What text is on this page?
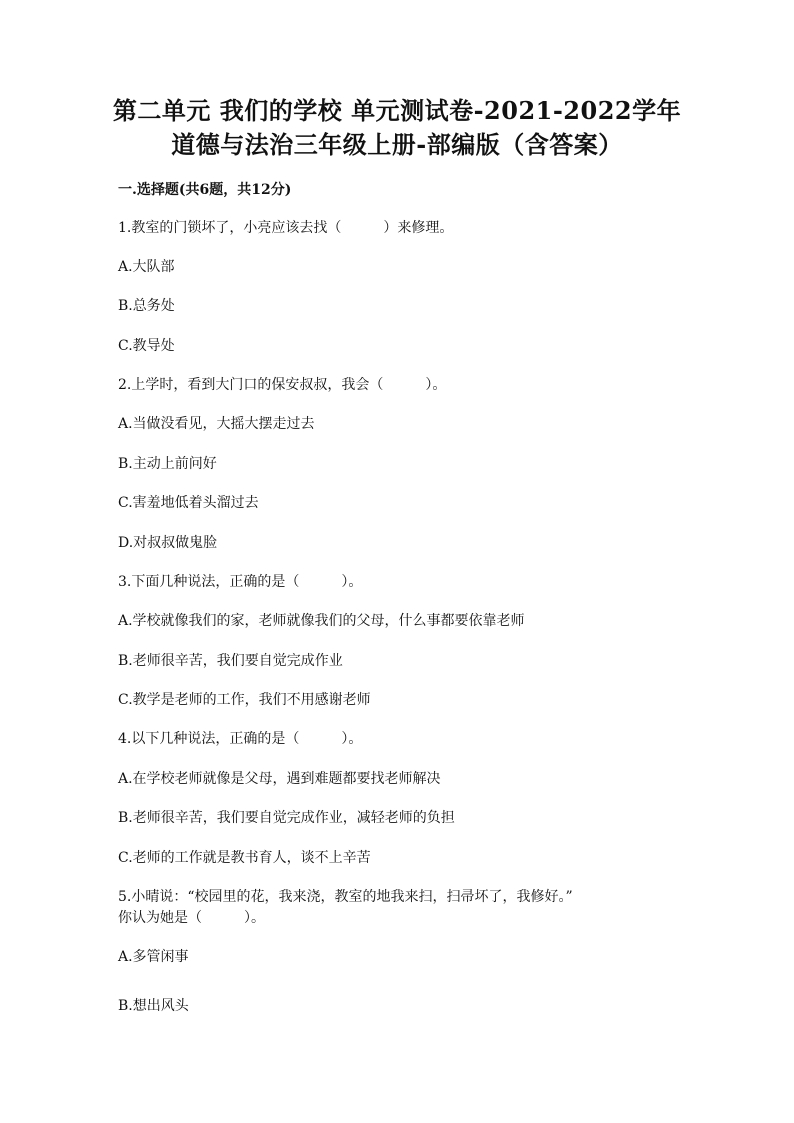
第二单元 我们的学校 单元测试卷-2021-2022学年
道德与法治三年级上册-部编版（含答案）
一.选择题(共6题，共12分)
1.教室的门锁坏了，小亮应该去找（　　　）来修理。
A.大队部
B.总务处
C.教导处
2.上学时，看到大门口的保安叔叔，我会（　　　）。
A.当做没看见，大摇大摆走过去
B.主动上前问好
C.害羞地低着头溜过去
D.对叔叔做鬼脸
3.下面几种说法，正确的是（　　　）。
A.学校就像我们的家，老师就像我们的父母，什么事都要依靠老师
B.老师很辛苦，我们要自觉完成作业
C.教学是老师的工作，我们不用感谢老师
4.以下几种说法，正确的是（　　　）。
A.在学校老师就像是父母，遇到难题都要找老师解决
B.老师很辛苦，我们要自觉完成作业，减轻老师的负担
C.老师的工作就是教书育人，谈不上辛苦
5.小晴说：“校园里的花，我来浇，教室的地我来扫，扫帚坏了，我修好。”
你认为她是（　　　）。
A.多管闲事
B.想出风头
